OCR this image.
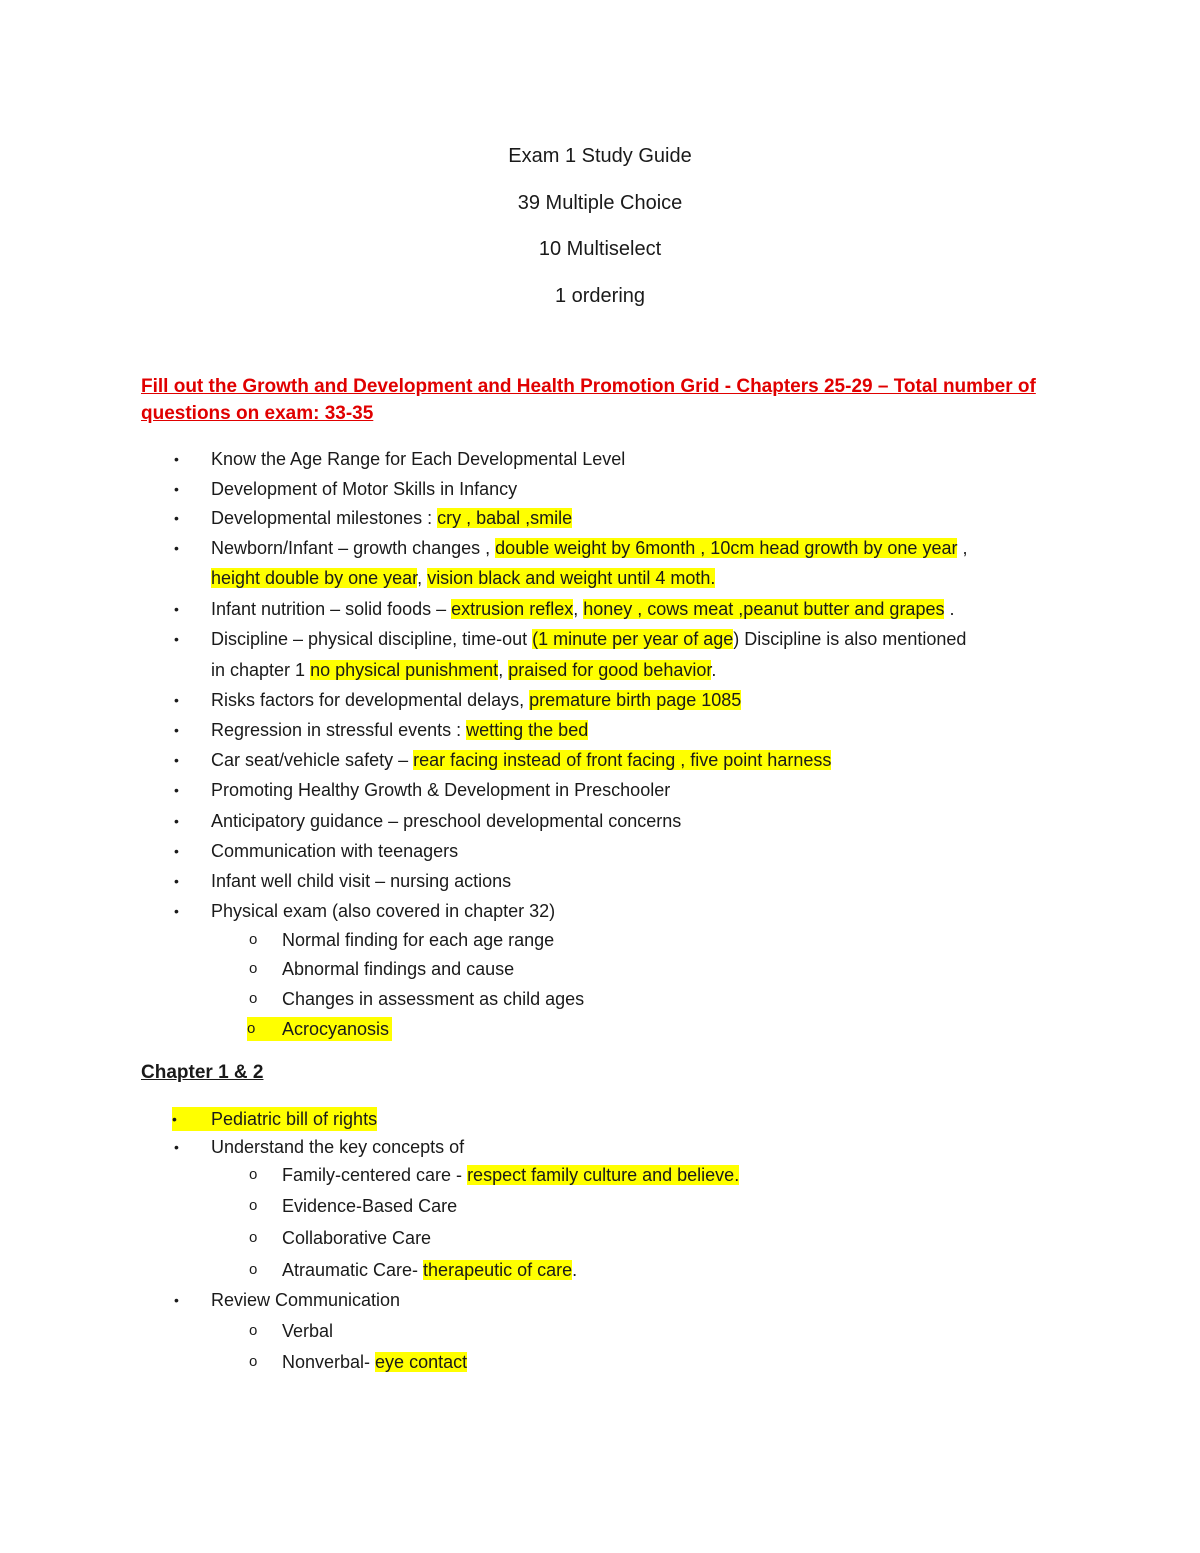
Exam 1 Study Guide
39 Multiple Choice
10 Multiselect
1 ordering
Fill out the Growth and Development and Health Promotion Grid - Chapters 25-29 – Total number of
questions on exam: 33-35
• Know the Age Range for Each Developmental Level
• Development of Motor Skills in Infancy
• Developmental milestones : cry , babal ,smile
• Newborn/Infant – growth changes , double weight by 6month , 10cm head growth by one year ,
height double by one year, vision black and weight until 4 moth.
• Infant nutrition – solid foods – extrusion reflex, honey , cows meat ,peanut butter and grapes .
• Discipline – physical discipline, time-out (1 minute per year of age) Discipline is also mentioned
in chapter 1 no physical punishment, praised for good behavior.
• Risks factors for developmental delays, premature birth page 1085
• Regression in stressful events : wetting the bed
• Car seat/vehicle safety – rear facing instead of front facing , five point harness
• Promoting Healthy Growth & Development in Preschooler
• Anticipatory guidance – preschool developmental concerns
• Communication with teenagers
• Infant well child visit – nursing actions
• Physical exam (also covered in chapter 32)
o Normal finding for each age range
o Abnormal findings and cause
o Changes in assessment as child ages
o	Acrocyanosis
Chapter 1 & 2
•	Pediatric bill of rights
• Understand the key concepts of
o Family-centered care - respect family culture and believe.
o Evidence-Based Care
o Collaborative Care
o Atraumatic Care- therapeutic of care.
• Review Communication
o Verbal
o Nonverbal- eye contact
